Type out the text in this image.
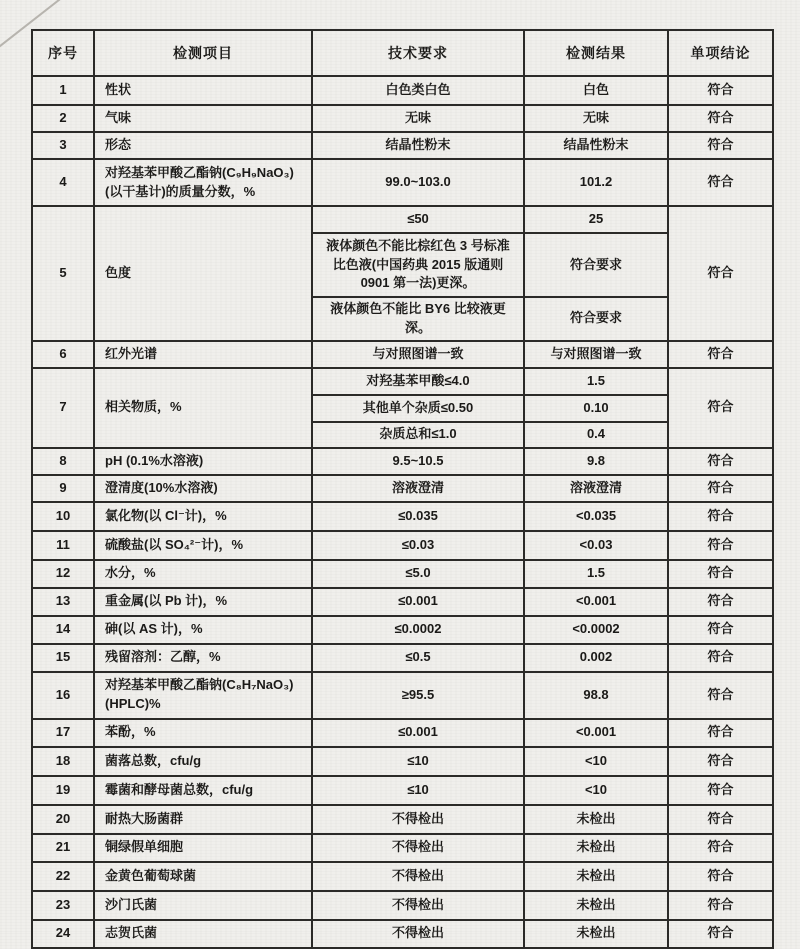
序号	检测项目	技术要求	检测结果	单项结论
1	性状	白色类白色	白色	符合
2	气味	无味	无味	符合
3	形态	结晶性粉末	结晶性粉末	符合
4	对羟基苯甲酸乙酯钠(C₉H₉NaO₃)(以干基计)的质量分数，%	99.0~103.0	101.2	符合
5	色度	≤50	25	符合
		液体颜色不能比棕红色 3 号标准比色液(中国药典 2015 版通则 0901 第一法)更深。	符合要求	
		液体颜色不能比 BY6 比较液更深。	符合要求	
6	红外光谱	与对照图谱一致	与对照图谱一致	符合
7	相关物质，%	对羟基苯甲酸≤4.0	1.5	符合
		其他单个杂质≤0.50	0.10	
		杂质总和≤1.0	0.4	
8	pH (0.1%水溶液)	9.5~10.5	9.8	符合
9	澄清度(10%水溶液)	溶液澄清	溶液澄清	符合
10	氯化物(以 Cl⁻计)，%	≤0.035	<0.035	符合
11	硫酸盐(以 SO₄²⁻计)，%	≤0.03	<0.03	符合
12	水分，%	≤5.0	1.5	符合
13	重金属(以 Pb 计)，%	≤0.001	<0.001	符合
14	砷(以 AS 计)，%	≤0.0002	<0.0002	符合
15	残留溶剂：乙醇，%	≤0.5	0.002	符合
16	对羟基苯甲酸乙酯钠(C₈H₇NaO₃)(HPLC)%	≥95.5	98.8	符合
17	苯酚，%	≤0.001	<0.001	符合
18	菌落总数，cfu/g	≤10	<10	符合
19	霉菌和酵母菌总数，cfu/g	≤10	<10	符合
20	耐热大肠菌群	不得检出	未检出	符合
21	铜绿假单细胞	不得检出	未检出	符合
22	金黄色葡萄球菌	不得检出	未检出	符合
23	沙门氏菌	不得检出	未检出	符合
24	志贺氏菌	不得检出	未检出	符合
